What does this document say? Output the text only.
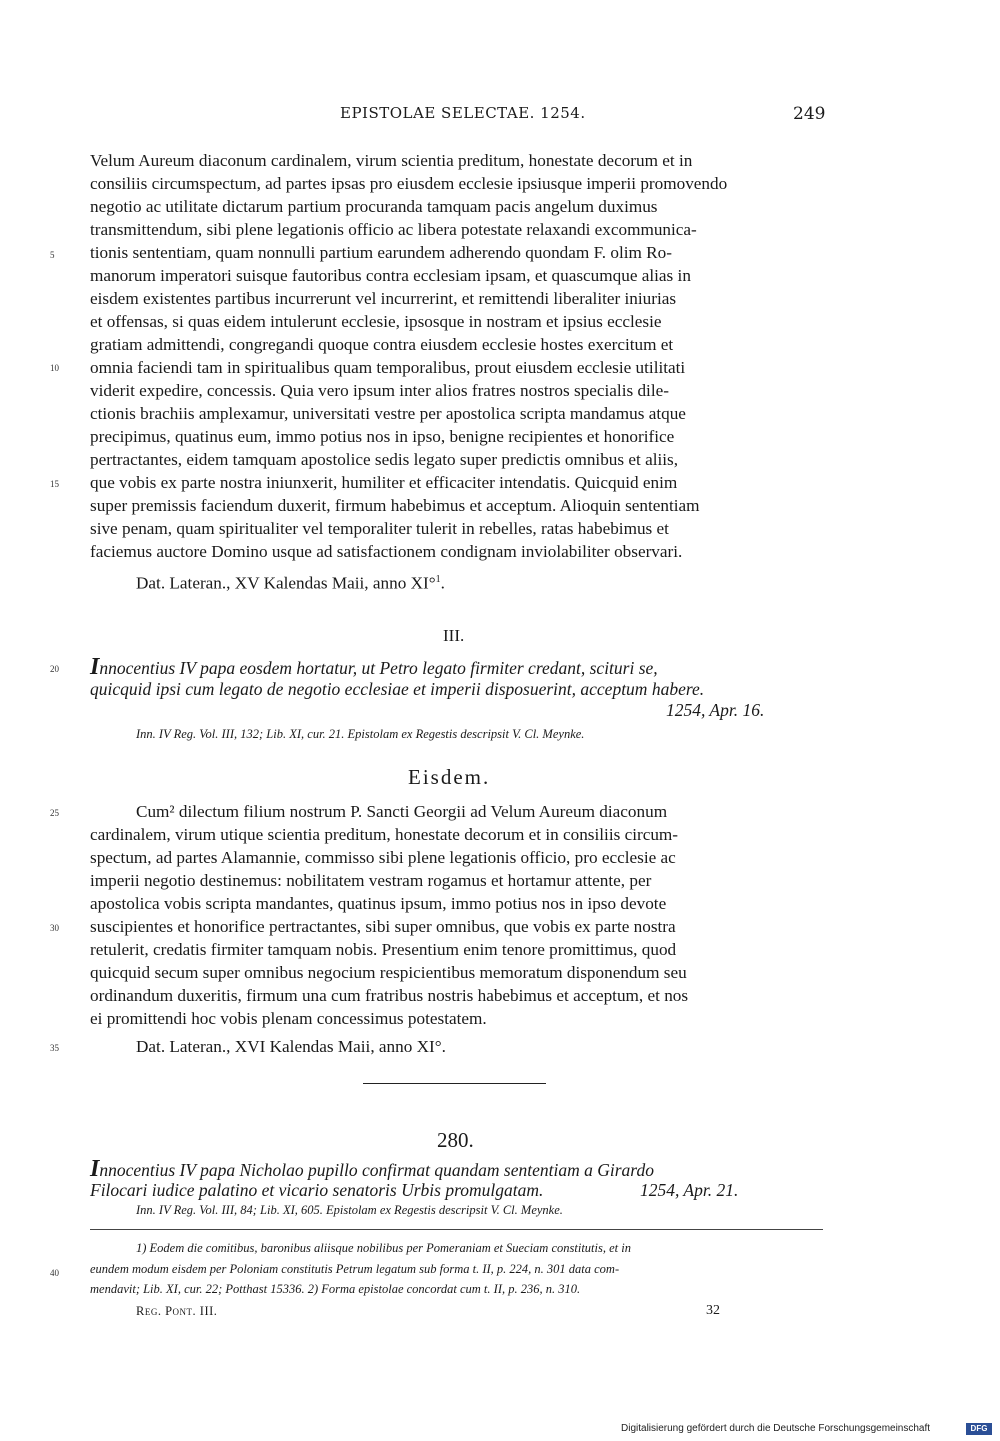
EPISTOLAE SELECTAE. 1254.	249
Velum Aureum diaconum cardinalem, virum scientia preditum, honestate decorum et in
consiliis circumspectum, ad partes ipsas pro eiusdem ecclesie ipsiusque imperii promovendo
negotio ac utilitate dictarum partium procuranda tamquam pacis angelum duximus
transmittendum, sibi plene legationis officio ac libera potestate relaxandi excommunica-
tionis sententiam, quam nonnulli partium earundem adherendo quondam F. olim Ro-
manorum imperatori suisque fautoribus contra ecclesiam ipsam, et quascumque alias in
eisdem existentes partibus incurrerunt vel incurrerint, et remittendi liberaliter iniurias
et offensas, si quas eidem intulerunt ecclesie, ipsosque in nostram et ipsius ecclesie
gratiam admittendi, congregandi quoque contra eiusdem ecclesie hostes exercitum et
omnia faciendi tam in spiritualibus quam temporalibus, prout eiusdem ecclesie utilitati
viderit expedire, concessis. Quia vero ipsum inter alios fratres nostros specialis dile-
ctionis brachiis amplexamur, universitati vestre per apostolica scripta mandamus atque
precipimus, quatinus eum, immo potius nos in ipso, benigne recipientes et honorifice
pertractantes, eidem tamquam apostolice sedis legato super predictis omnibus et aliis,
que vobis ex parte nostra iniunxerit, humiliter et efficaciter intendatis. Quicquid enim
super premissis faciendum duxerit, firmum habebimus et acceptum. Alioquin sententiam
sive penam, quam spiritualiter vel temporaliter tulerit in rebelles, ratas habebimus et
faciemus auctore Domino usque ad satisfactionem condignam inviolabiliter observari.
Dat. Lateran., XV Kalendas Maii, anno XI°$^1$.
5
10
15
20
25
30
35
40
III.
Innocentius IV papa eosdem hortatur, ut Petro legato firmiter credant, scituri se,
quicquid ipsi cum legato de negotio ecclesiae et imperii disposuerint, acceptum habere.
1254, Apr. 16.
Inn. IV Reg. Vol. III, 132; Lib. XI, cur. 21. Epistolam ex Regestis descripsit V. Cl. Meynke.
Eisdem.
Cum² dilectum filium nostrum P. Sancti Georgii ad Velum Aureum diaconum
cardinalem, virum utique scientia preditum, honestate decorum et in consiliis circum-
spectum, ad partes Alamannie, commisso sibi plene legationis officio, pro ecclesie ac
imperii negotio destinemus: nobilitatem vestram rogamus et hortamur attente, per
apostolica vobis scripta mandantes, quatinus ipsum, immo potius nos in ipso devote
suscipientes et honorifice pertractantes, sibi super omnibus, que vobis ex parte nostra
retulerit, credatis firmiter tamquam nobis. Presentium enim tenore promittimus, quod
quicquid secum super omnibus negocium respicientibus memoratum disponendum seu
ordinandum duxeritis, firmum una cum fratribus nostris habebimus et acceptum, et nos
ei promittendi hoc vobis plenam concessimus potestatem.
Dat. Lateran., XVI Kalendas Maii, anno XI°.
280.
Innocentius IV papa Nicholao pupillo confirmat quandam sententiam a Girardo
Filocari iudice palatino et vicario senatoris Urbis promulgatam.	1254, Apr. 21.
Inn. IV Reg. Vol. III, 84; Lib. XI, 605. Epistolam ex Regestis descripsit V. Cl. Meynke.
1) Eodem die comitibus, baronibus aliisque nobilibus per Pomeraniam et Sueciam constitutis, et in
eundem modum eisdem per Poloniam constitutis Petrum legatum sub forma t. II, p. 224, n. 301 data com-
mendavit; Lib. XI, cur. 22; Potthast 15336. 2) Forma epistolae concordat cum t. II, p. 236, n. 310.
Reg. Pont. III.	32
Digitalisierung gefördert durch die Deutsche Forschungsgemeinschaft	DFG
